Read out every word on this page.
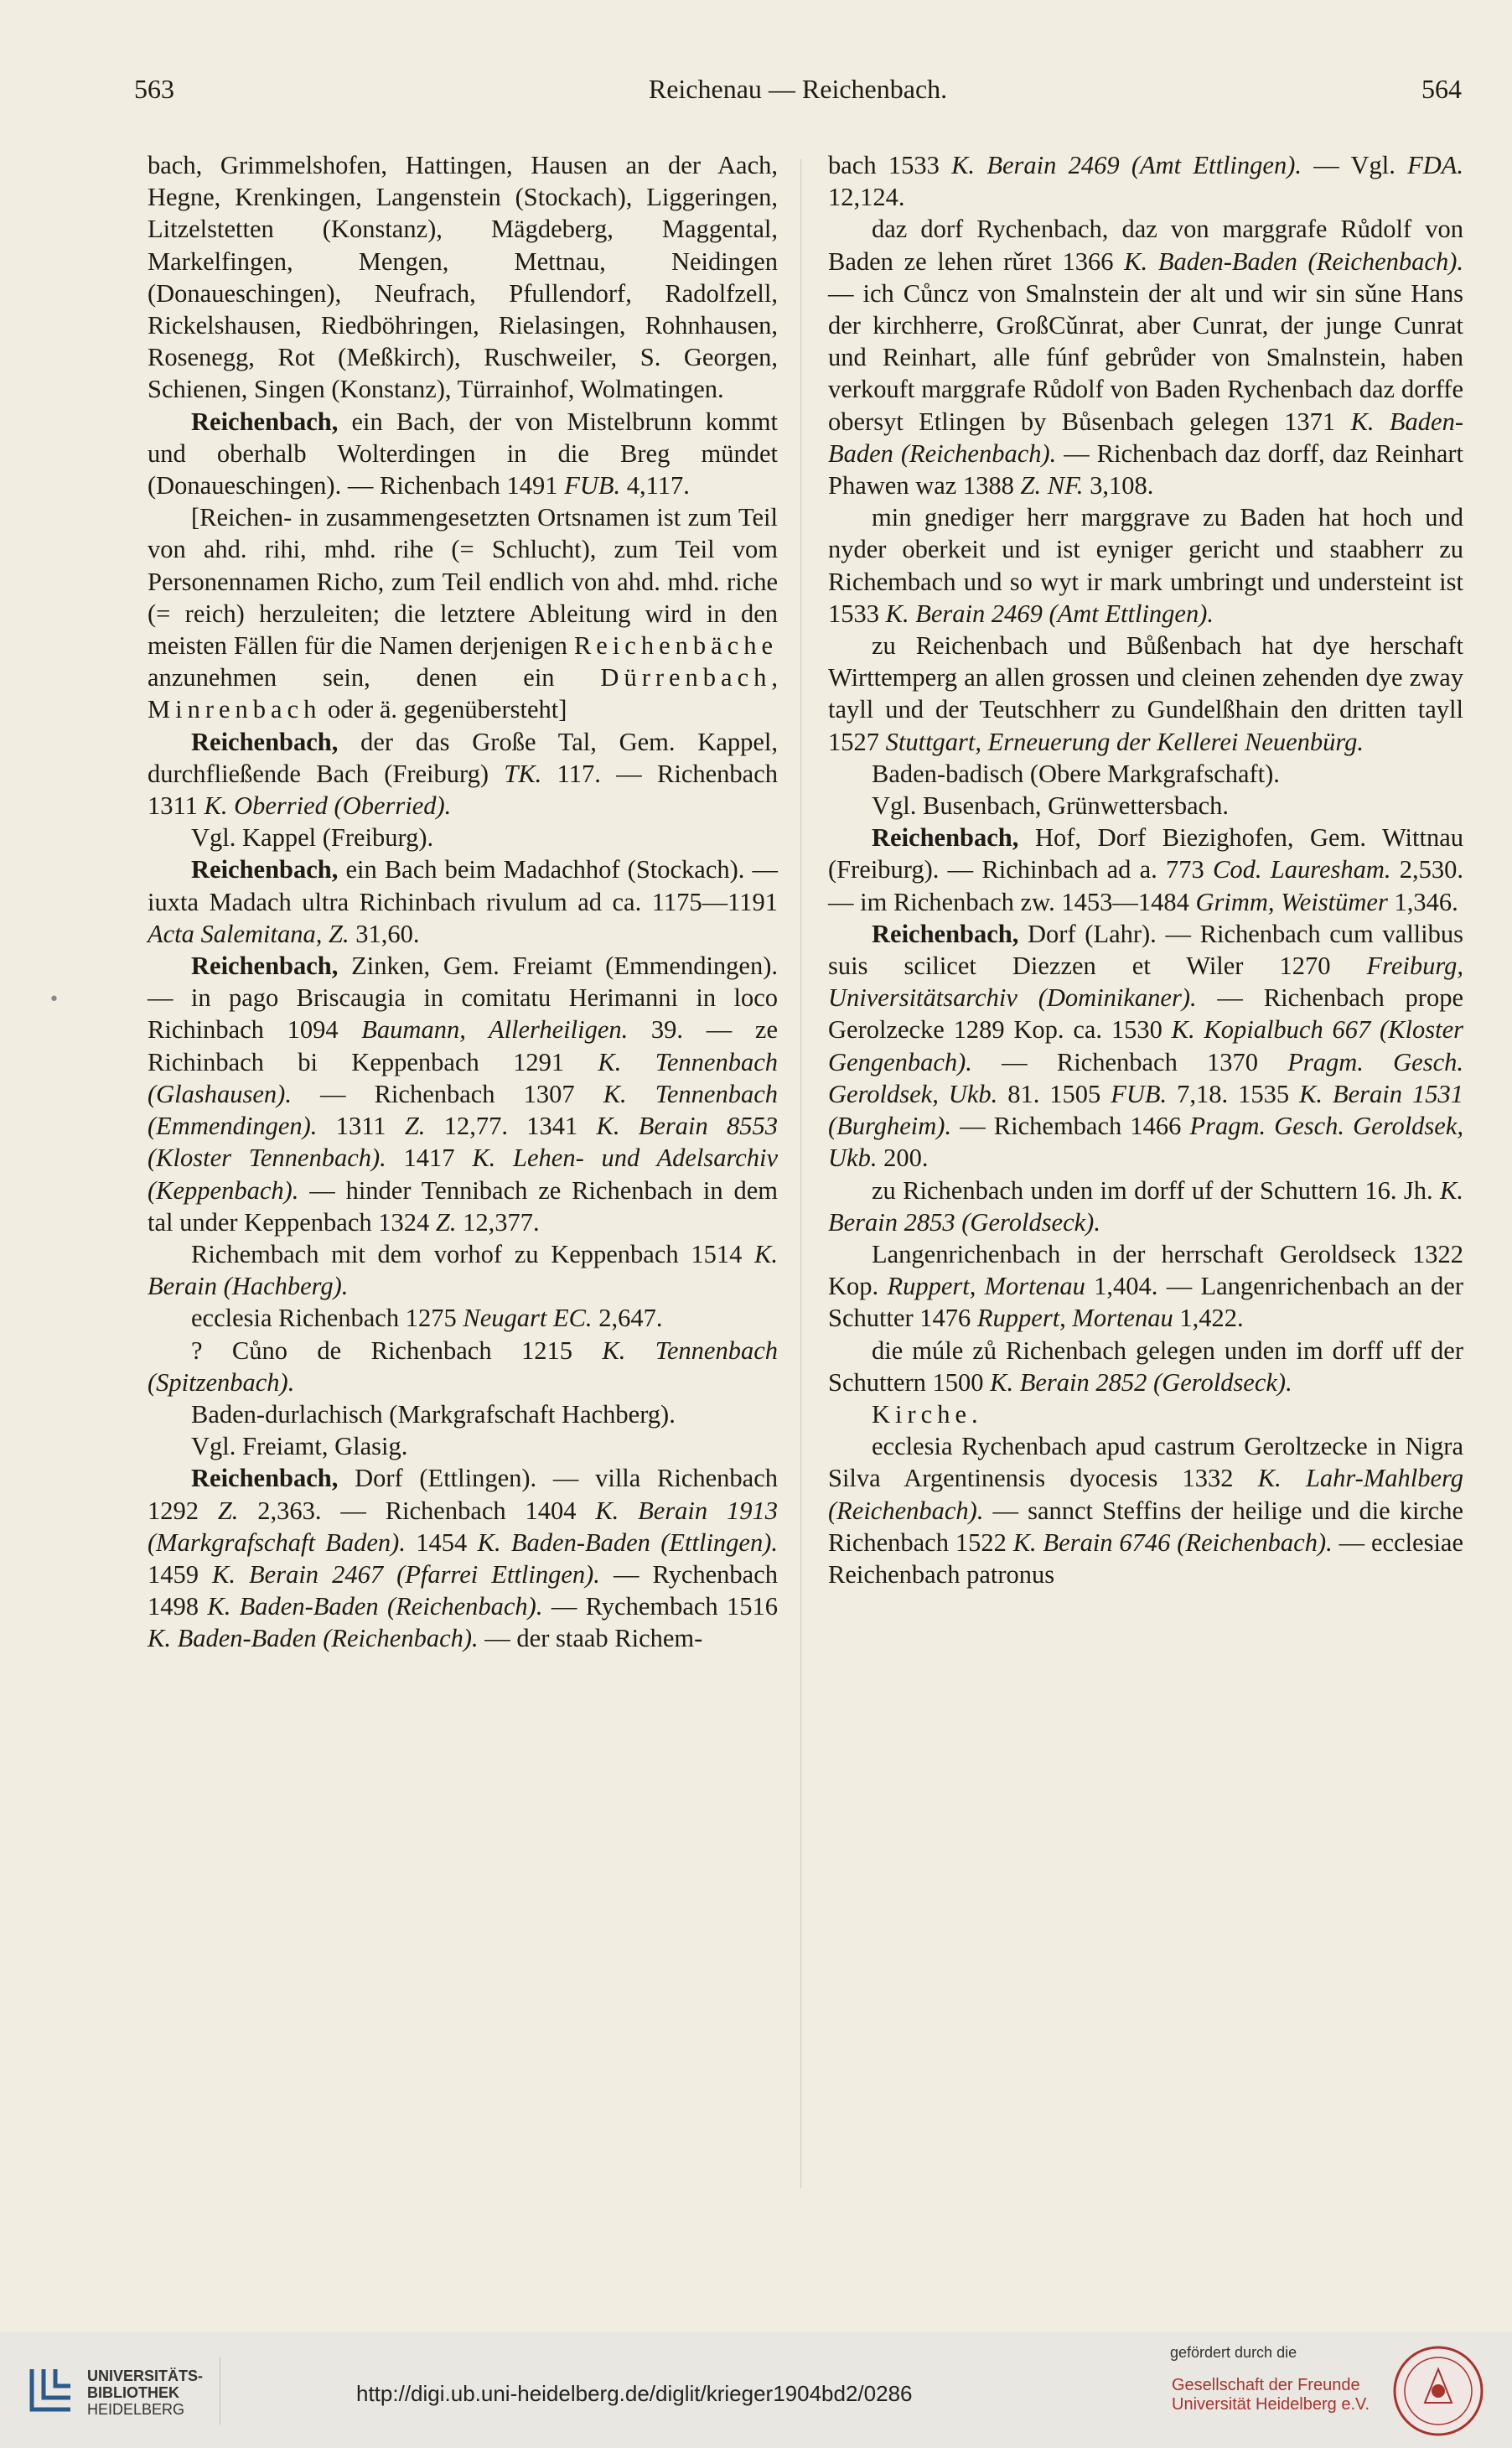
563	Reichenau — Reichenbach.	564

bach, Grimmelshofen, Hattingen, Hausen an der Aach, Hegne, Krenkingen, Langenstein (Stockach), Liggeringen, Litzelstetten (Konstanz), Mägdeberg, Maggental, Markelfingen, Mengen, Mettnau, Neidingen (Donaueschingen), Neufrach, Pfullendorf, Radolfzell, Rickelshausen, Riedböhringen, Rielasingen, Rohnhausen, Rosenegg, Rot (Meßkirch), Ruschweiler, S. Georgen, Schienen, Singen (Konstanz), Türrainhof, Wolmatingen.

Reichenbach, ein Bach, der von Mistelbrunn kommt und oberhalb Wolterdingen in die Breg mündet (Donaueschingen). — Richenbach 1491 FUB. 4,117.

[Reichen- in zusammengesetzten Ortsnamen ist zum Teil von ahd. rihi, mhd. rihe (= Schlucht), zum Teil vom Personennamen Richo, zum Teil endlich von ahd. mhd. riche (= reich) herzuleiten; die letztere Ableitung wird in den meisten Fällen für die Namen derjenigen Reichenbäche anzunehmen sein, denen ein Dürrenbach, Minrenbach oder ä. gegenübersteht]

Reichenbach, der das Große Tal, Gem. Kappel, durchfließende Bach (Freiburg) TK. 117. — Richenbach 1311 K. Oberried (Oberried).

Vgl. Kappel (Freiburg).

Reichenbach, ein Bach beim Madachhof (Stockach). — iuxta Madach ultra Richinbach rivulum ad ca. 1175—1191 Acta Salemitana, Z. 31,60.

Reichenbach, Zinken, Gem. Freiamt (Emmendingen). — in pago Briscaugia in comitatu Herimanni in loco Richinbach 1094 Baumann, Allerheiligen. 39. — ze Richinbach bi Keppenbach 1291 K. Tennenbach (Glashausen). — Richenbach 1307 K. Tennenbach (Emmendingen). 1311 Z. 12,77. 1341 K. Berain 8553 (Kloster Tennenbach). 1417 K. Lehen- und Adelsarchiv (Keppenbach). — hinder Tennibach ze Richenbach in dem tal under Keppenbach 1324 Z. 12,377.

Richembach mit dem vorhof zu Keppenbach 1514 K. Berain (Hachberg).

ecclesia Richenbach 1275 Neugart EC. 2,647.

? Cůno de Richenbach 1215 K. Tennenbach (Spitzenbach).

Baden-durlachisch (Markgrafschaft Hachberg).

Vgl. Freiamt, Glasig.

Reichenbach, Dorf (Ettlingen). — villa Richenbach 1292 Z. 2,363. — Richenbach 1404 K. Berain 1913 (Markgrafschaft Baden). 1454 K. Baden-Baden (Ettlingen). 1459 K. Berain 2467 (Pfarrei Ettlingen). — Rychenbach 1498 K. Baden-Baden (Reichenbach). — Rychembach 1516 K. Baden-Baden (Reichenbach). — der staab Richem-

bach 1533 K. Berain 2469 (Amt Ettlingen). — Vgl. FDA. 12,124.

daz dorf Rychenbach, daz von marggrafe Růdolf von Baden ze lehen rǔret 1366 K. Baden-Baden (Reichenbach). — ich Cůncz von Smalnstein der alt und wir sin sǔne Hans der kirchherre, GroßCǔnrat, aber Cunrat, der junge Cunrat und Reinhart, alle fúnf gebrůder von Smalnstein, haben verkouft marggrafe Růdolf von Baden Rychenbach daz dorffe obersyt Etlingen by Bůsenbach gelegen 1371 K. Baden-Baden (Reichenbach). — Richenbach daz dorff, daz Reinhart Phawen waz 1388 Z. NF. 3,108.

min gnediger herr marggrave zu Baden hat hoch und nyder oberkeit und ist eyniger gericht und staabherr zu Richembach und so wyt ir mark umbringt und understeint ist 1533 K. Berain 2469 (Amt Ettlingen).

zu Reichenbach und Bůßenbach hat dye herschaft Wirttemperg an allen grossen und cleinen zehenden dye zway tayll und der Teutschherr zu Gundelßhain den dritten tayll 1527 Stuttgart, Erneuerung der Kellerei Neuenbürg.

Baden-badisch (Obere Markgrafschaft).

Vgl. Busenbach, Grünwettersbach.

Reichenbach, Hof, Dorf Biezighofen, Gem. Wittnau (Freiburg). — Richinbach ad a. 773 Cod. Lauresham. 2,530. — im Richenbach zw. 1453—1484 Grimm, Weistümer 1,346.

Reichenbach, Dorf (Lahr). — Richenbach cum vallibus suis scilicet Diezzen et Wiler 1270 Freiburg, Universitätsarchiv (Dominikaner). — Richenbach prope Gerolzecke 1289 Kop. ca. 1530 K. Kopialbuch 667 (Kloster Gengenbach). — Richenbach 1370 Pragm. Gesch. Geroldsek, Ukb. 81. 1505 FUB. 7,18. 1535 K. Berain 1531 (Burgheim). — Richembach 1466 Pragm. Gesch. Geroldsek, Ukb. 200.

zu Richenbach unden im dorff uf der Schuttern 16. Jh. K. Berain 2853 (Geroldseck).

Langenrichenbach in der herrschaft Geroldseck 1322 Kop. Ruppert, Mortenau 1,404. — Langenrichenbach an der Schutter 1476 Ruppert, Mortenau 1,422.

die múle zů Richenbach gelegen unden im dorff uff der Schuttern 1500 K. Berain 2852 (Geroldseck).

Kirche.

ecclesia Rychenbach apud castrum Geroltzecke in Nigra Silva Argentinensis dyocesis 1332 K. Lahr-Mahlberg (Reichenbach). — sannct Steffins der heilige und die kirche Richenbach 1522 K. Berain 6746 (Reichenbach). — ecclesiae Reichenbach patronus

•
UNIVERSITÄTS-
BIBLIOTHEK
HEIDELBERG
http://digi.ub.uni-heidelberg.de/diglit/krieger1904bd2/0286
gefördert durch die
Gesellschaft der Freunde
Universität Heidelberg e.V.
